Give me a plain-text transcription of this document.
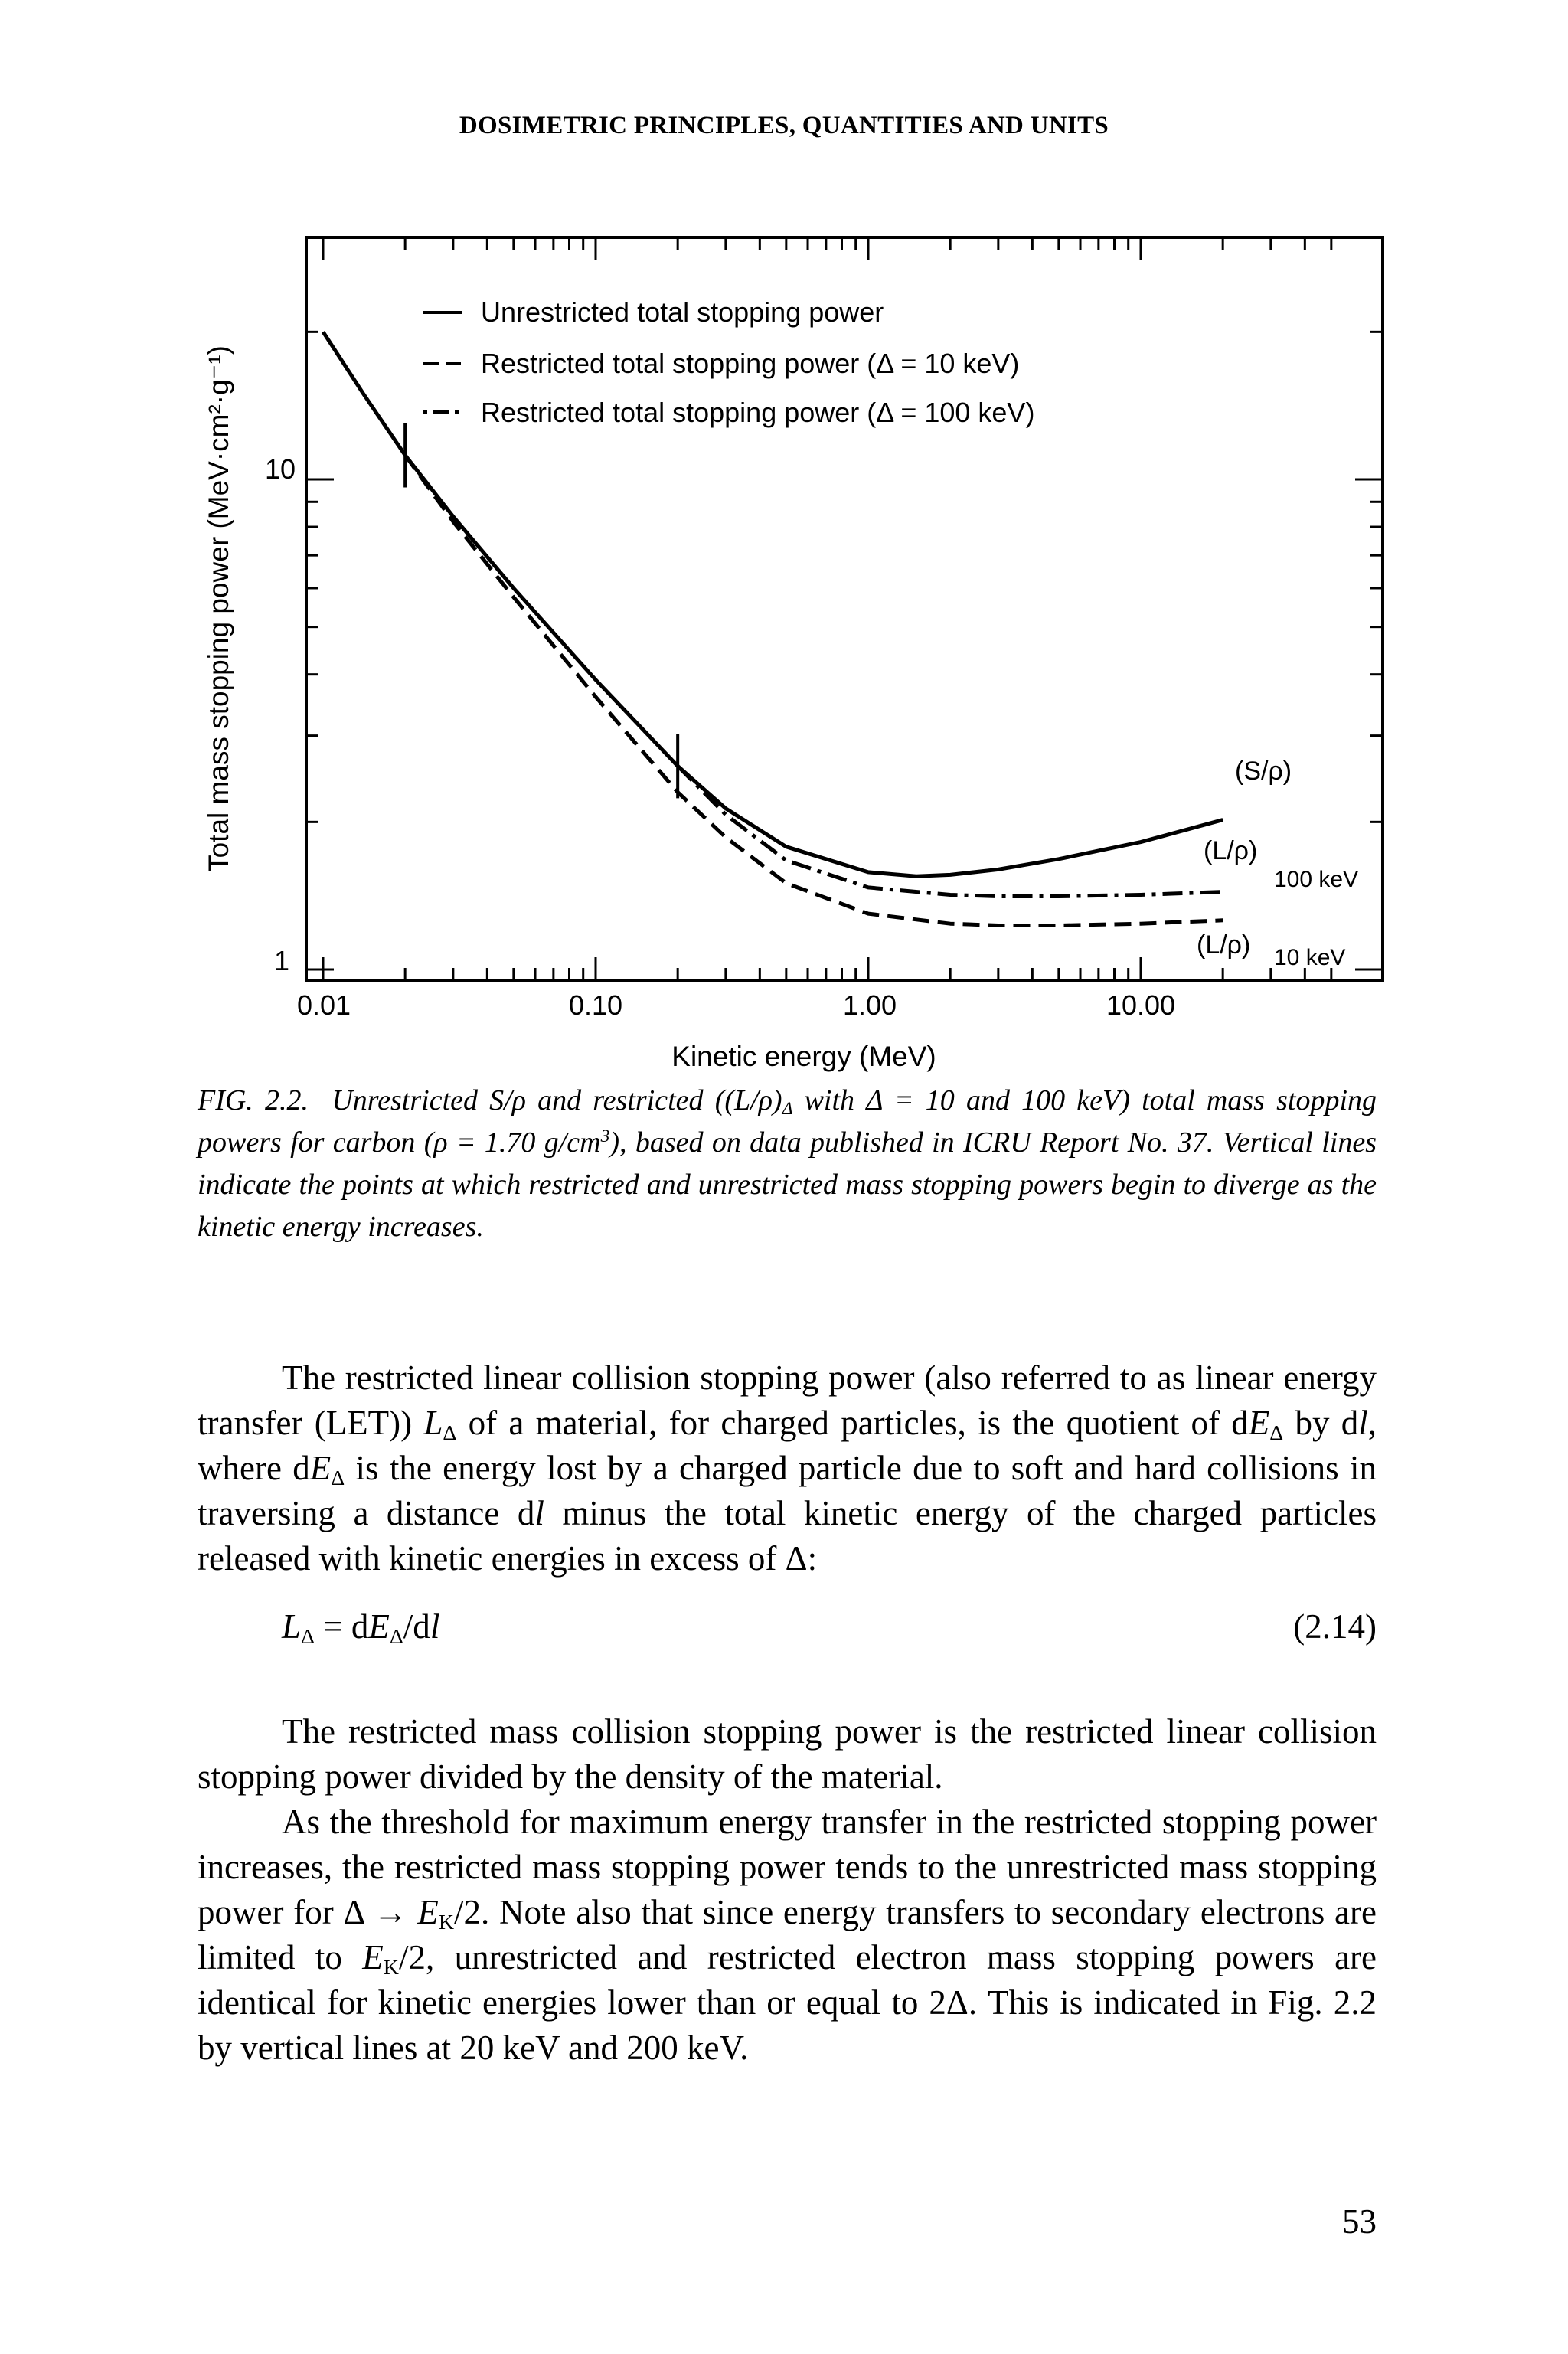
DOSIMETRIC PRINCIPLES, QUANTITIES AND UNITS
Unrestricted total stopping power
Restricted total stopping power (Δ = 10 keV)
Restricted total stopping power (Δ = 100 keV)
0.01	0.10	1.00	10.00
1
10
Kinetic energy (MeV)
Total mass stopping power (MeV·cm²·g⁻¹)	(S/ρ)
(L/ρ)
100 keV
(L/ρ) 10 keV
FIG. 2.2. Unrestricted S/ρ and restricted ($(L/\rho)_\Delta$ with Δ = 10 and 100 keV) total mass stopping powers for carbon (ρ = 1.70 $g/cm^3$), based on data published in ICRU Report No. 37. Vertical lines indicate the points at which restricted and unrestricted mass stopping powers begin to diverge as the kinetic energy increases.

The restricted linear collision stopping power (also referred to as linear energy transfer (LET)) $L_\Delta$ of a material, for charged particles, is the quotient of $dE_\Delta$ by dl, where $dE_\Delta$ is the energy lost by a charged particle due to soft and hard collisions in traversing a distance dl minus the total kinetic energy of the charged particles released with kinetic energies in excess of Δ:

$L_\Delta = dE_\Delta/dl$	(2.14)

The restricted mass collision stopping power is the restricted linear collision stopping power divided by the density of the material.

As the threshold for maximum energy transfer in the restricted stopping power increases, the restricted mass stopping power tends to the unrestricted mass stopping power for $\Delta \to E_K/2$. Note also that since energy transfers to secondary electrons are limited to $E_K/2$, unrestricted and restricted electron mass stopping powers are identical for kinetic energies lower than or equal to 2Δ. This is indicated in Fig. 2.2 by vertical lines at 20 keV and 200 keV.

53
